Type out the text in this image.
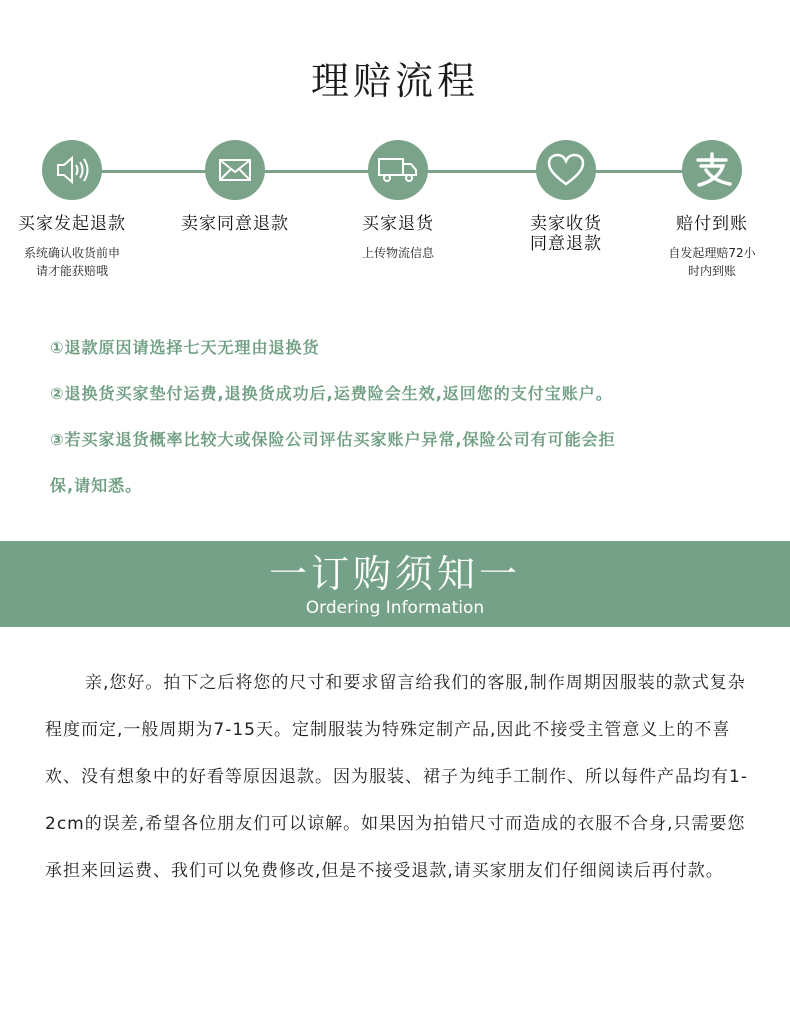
理赔流程
买家发起退款
系统确认收货前申
请才能获赔哦
卖家同意退款	买家退货
上传物流信息
卖家收货
同意退款
赔付到账
自发起理赔72小
时内到账
①退款原因请选择七天无理由退换货
②退换货买家垫付运费,退换货成功后,运费险会生效,返回您的支付宝账户。
③若买家退货概率比较大或保险公司评估买家账户异常,保险公司有可能会拒
保,请知悉。
一订购须知一
Ordering Information
亲,您好。拍下之后将您的尺寸和要求留言给我们的客服,制作周期因服装的款式复杂程度而定,一般周期为7-15天。定制服装为特殊定制产品,因此不接受主管意义上的不喜欢、没有想象中的好看等原因退款。因为服装、裙子为纯手工制作、所以每件产品均有1-2cm的误差,希望各位朋友们可以谅解。如果因为拍错尺寸而造成的衣服不合身,只需要您承担来回运费、我们可以免费修改,但是不接受退款,请买家朋友们仔细阅读后再付款。
